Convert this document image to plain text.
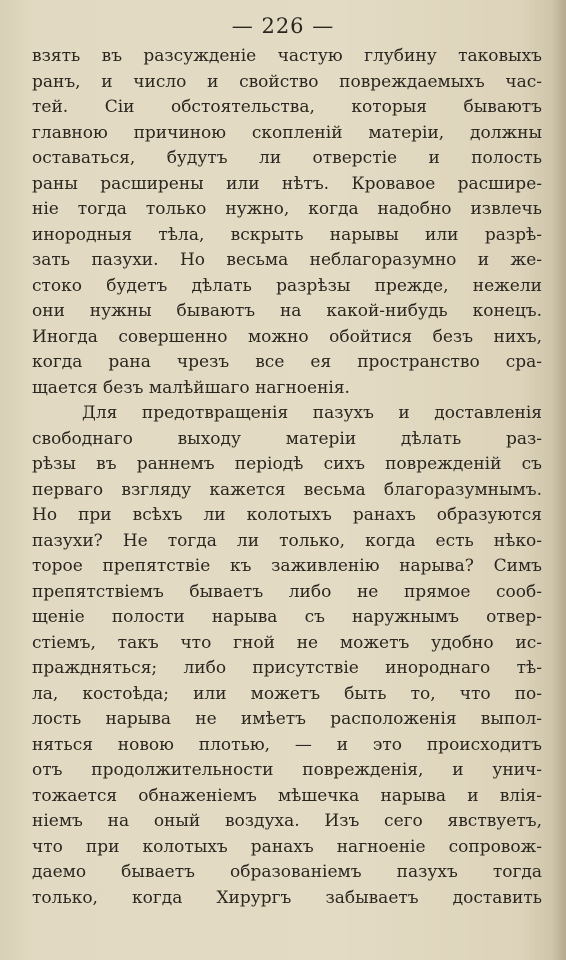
— 226 —
взять въ разсужденіе частую глубину таковыхъ
ранъ, и число и свойство повреждаемыхъ час-
тей. Сіи обстоятельства, которыя бываютъ
главною причиною скопленій матеріи, должны
оставаться, будутъ ли отверстіе и полость
раны расширены или нѣтъ. Кровавое расшире-
ніе тогда только нужно, когда надобно извлечь
инородныя тѣла, вскрыть нарывы или разрѣ-
зать пазухи. Но весьма неблагоразумно и же-
стоко будетъ дѣлать разрѣзы прежде, нежели
они нужны бываютъ на какой-нибудь конецъ.
Иногда совершенно можно обойтися безъ нихъ,
когда рана чрезъ все ея пространство сра-
щается безъ малѣйшаго нагноенія.
Для предотвращенія пазухъ и доставленія
свободнаго выходу матеріи дѣлать раз-
рѣзы въ раннемъ періодѣ сихъ поврежденій съ
перваго взгляду кажется весьма благоразумнымъ.
Но при всѣхъ ли колотыхъ ранахъ образуются
пазухи? Не тогда ли только, когда есть нѣко-
торое препятствіе къ заживленію нарыва? Симъ
препятствіемъ бываетъ либо не прямое сооб-
щеніе полости нарыва съ наружнымъ отвер-
стіемъ, такъ что гной не можетъ удобно ис-
праждняться; либо присутствіе инороднаго тѣ-
ла, костоѣда; или можетъ быть то, что по-
лость нарыва не имѣетъ расположенія выпол-
няться новою плотью, — и это происходитъ
отъ продолжительности поврежденія, и унич-
тожается обнаженіемъ мѣшечка нарыва и влія-
ніемъ на оный воздуха. Изъ сего явствуетъ,
что при колотыхъ ранахъ нагноеніе сопровож-
даемо бываетъ образованіемъ пазухъ тогда
только, когда Хирургъ забываетъ доставить
